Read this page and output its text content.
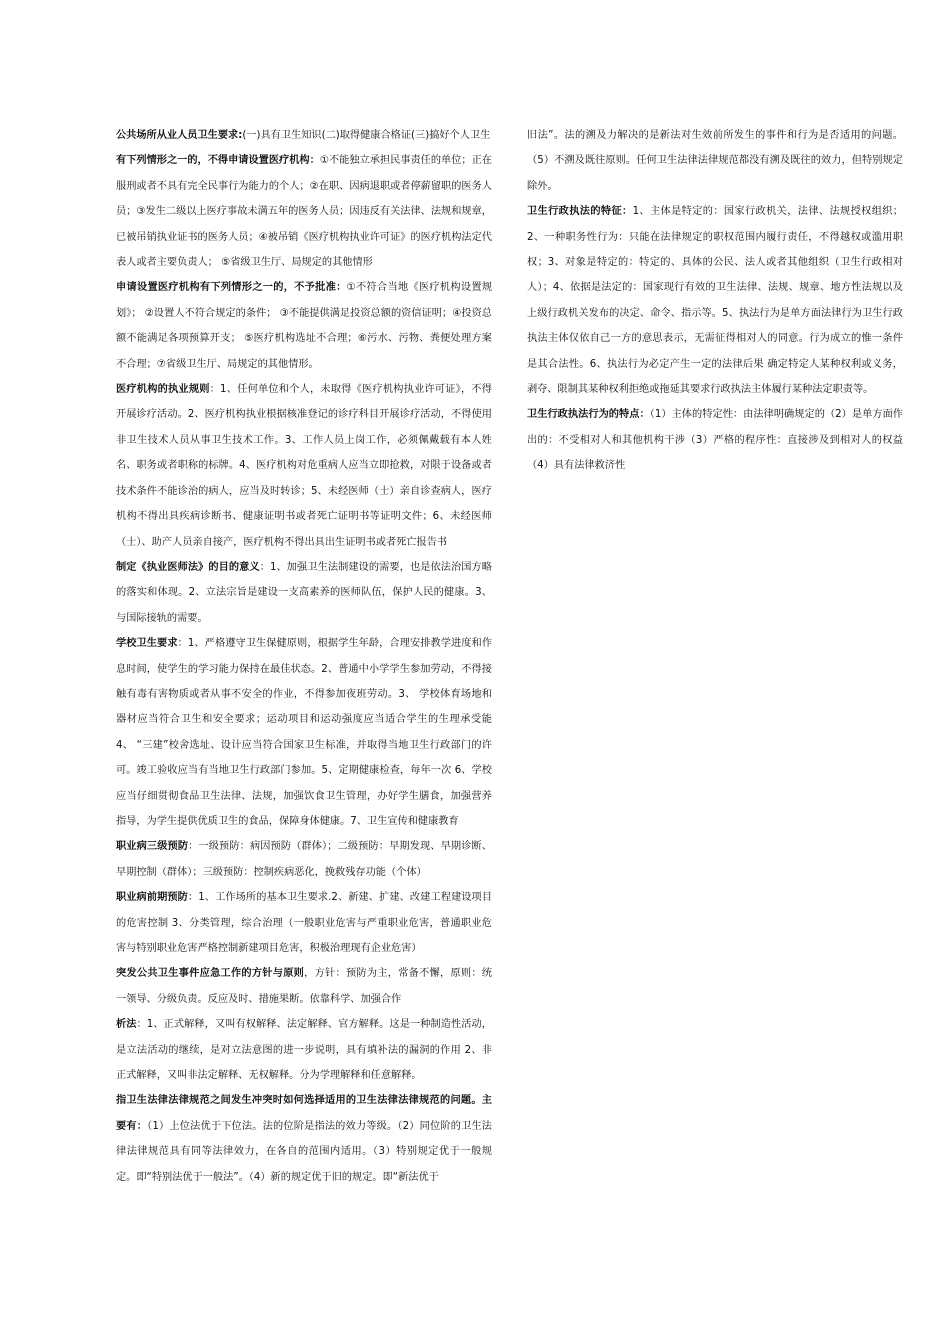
公共场所从业人员卫生要求:(一)具有卫生知识(二)取得健康合格证(三)搞好个人卫生

有下列情形之一的，不得申请设置医疗机构：①不能独立承担民事责任的单位；正在服刑或者不具有完全民事行为能力的个人；②在职、因病退职或者停薪留职的医务人员；③发生二级以上医疗事故未满五年的医务人员；因违反有关法律、法规和规章，已被吊销执业证书的医务人员；④被吊销《医疗机构执业许可证》的医疗机构法定代表人或者主要负责人； ⑤省级卫生厅、局规定的其他情形

申请设置医疗机构有下列情形之一的，不予批准：①不符合当地《医疗机构设置规划》； ②设置人不符合规定的条件； ③不能提供满足投资总额的资信证明；④投资总额不能满足各项预算开支； ⑤医疗机构选址不合理；⑥污水、污物、粪便处理方案不合理；⑦省级卫生厅、局规定的其他情形。

医疗机构的执业规则：1、任何单位和个人，未取得《医疗机构执业许可证》，不得开展诊疗活动。2、医疗机构执业根据核准登记的诊疗科目开展诊疗活动，不得使用非卫生技术人员从事卫生技术工作。3、工作人员上岗工作，必须佩戴载有本人姓名、职务或者职称的标牌。4、医疗机构对危重病人应当立即抢救，对限于设备或者技术条件不能诊治的病人，应当及时转诊；5、未经医师（士）亲自诊查病人，医疗机构不得出具疾病诊断书、健康证明书或者死亡证明书等证明文件；6、未经医师（士）、助产人员亲自接产，医疗机构不得出具出生证明书或者死亡报告书

制定《执业医师法》的目的意义：1、加强卫生法制建设的需要，也是依法治国方略的落实和体现。2、立法宗旨是建设一支高素养的医师队伍，保护人民的健康。3、与国际接轨的需要。

学校卫生要求：1、严格遵守卫生保健原则，根据学生年龄，合理安排教学进度和作息时间，使学生的学习能力保持在最佳状态。2、普通中小学学生参加劳动，不得接触有毒有害物质或者从事不安全的作业，不得参加夜班劳动。3、 学校体育场地和器材应当符合卫生和安全要求；运动项目和运动强度应当适合学生的生理承受能 4、 “三建”校舍选址、设计应当符合国家卫生标准，并取得当地卫生行政部门的许可。竣工验收应当有当地卫生行政部门参加。5、定期健康检查，每年一次 6、学校应当仔细贯彻食品卫生法律、法规，加强饮食卫生管理，办好学生膳食，加强营养指导，为学生提供优质卫生的食品，保障身体健康。7、卫生宣传和健康教育

职业病三级预防：一级预防：病因预防（群体）；二级预防：早期发现、早期诊断、早期控制（群体）；三级预防：控制疾病恶化，挽救残存功能（个体）

职业病前期预防：1、工作场所的基本卫生要求.2、新建、扩建、改建工程建设项目的危害控制 3、分类管理，综合治理（一般职业危害与严重职业危害，普通职业危害与特别职业危害严格控制新建项目危害，积极治理现有企业危害）

突发公共卫生事件应急工作的方针与原则，方针：预防为主，常备不懈，原则：统一领导、分级负责。反应及时、措施果断。依靠科学、加强合作

析法：1、正式解释，又叫有权解释、法定解释、官方解释。这是一种制造性活动，是立法活动的继续，是对立法意图的进一步说明，具有填补法的漏洞的作用 2、非正式解释，又叫非法定解释、无权解释。分为学理解释和任意解释。

指卫生法律法律规范之间发生冲突时如何选择适用的卫生法律法律规范的问题。主要有：（1）上位法优于下位法。法的位阶是指法的效力等级。（2）同位阶的卫生法律法律规范具有同等法律效力，在各自的范围内适用。（3）特别规定优于一般规定。即“特别法优于一般法”。（4）新的规定优于旧的规定。即“新法优于

旧法”。法的溯及力解决的是新法对生效前所发生的事件和行为是否适用的问题。（5）不溯及既往原则。任何卫生法律法律规范都没有溯及既往的效力，但特别规定除外。

卫生行政执法的特征：1、主体是特定的：国家行政机关，法律、法规授权组织；2、一种职务性行为：只能在法律规定的职权范围内履行责任，不得越权或滥用职权；3、对象是特定的：特定的、具体的公民、法人或者其他组织（卫生行政相对人）；4、依据是法定的：国家现行有效的卫生法律、法规、规章、地方性法规以及上级行政机关发布的决定、命令、指示等。5、执法行为是单方面法律行为卫生行政执法主体仅依自己一方的意思表示，无需征得相对人的同意。行为成立的惟一条件是其合法性。6、执法行为必定产生一定的法律后果 确定特定人某种权利或义务，剥夺、限制其某种权利拒绝或拖延其要求行政执法主体履行某种法定职责等。

卫生行政执法行为的特点：（1）主体的特定性：由法律明确规定的（2）是单方面作出的：不受相对人和其他机构干涉（3）严格的程序性：直接涉及到相对人的权益（4）具有法律救济性
